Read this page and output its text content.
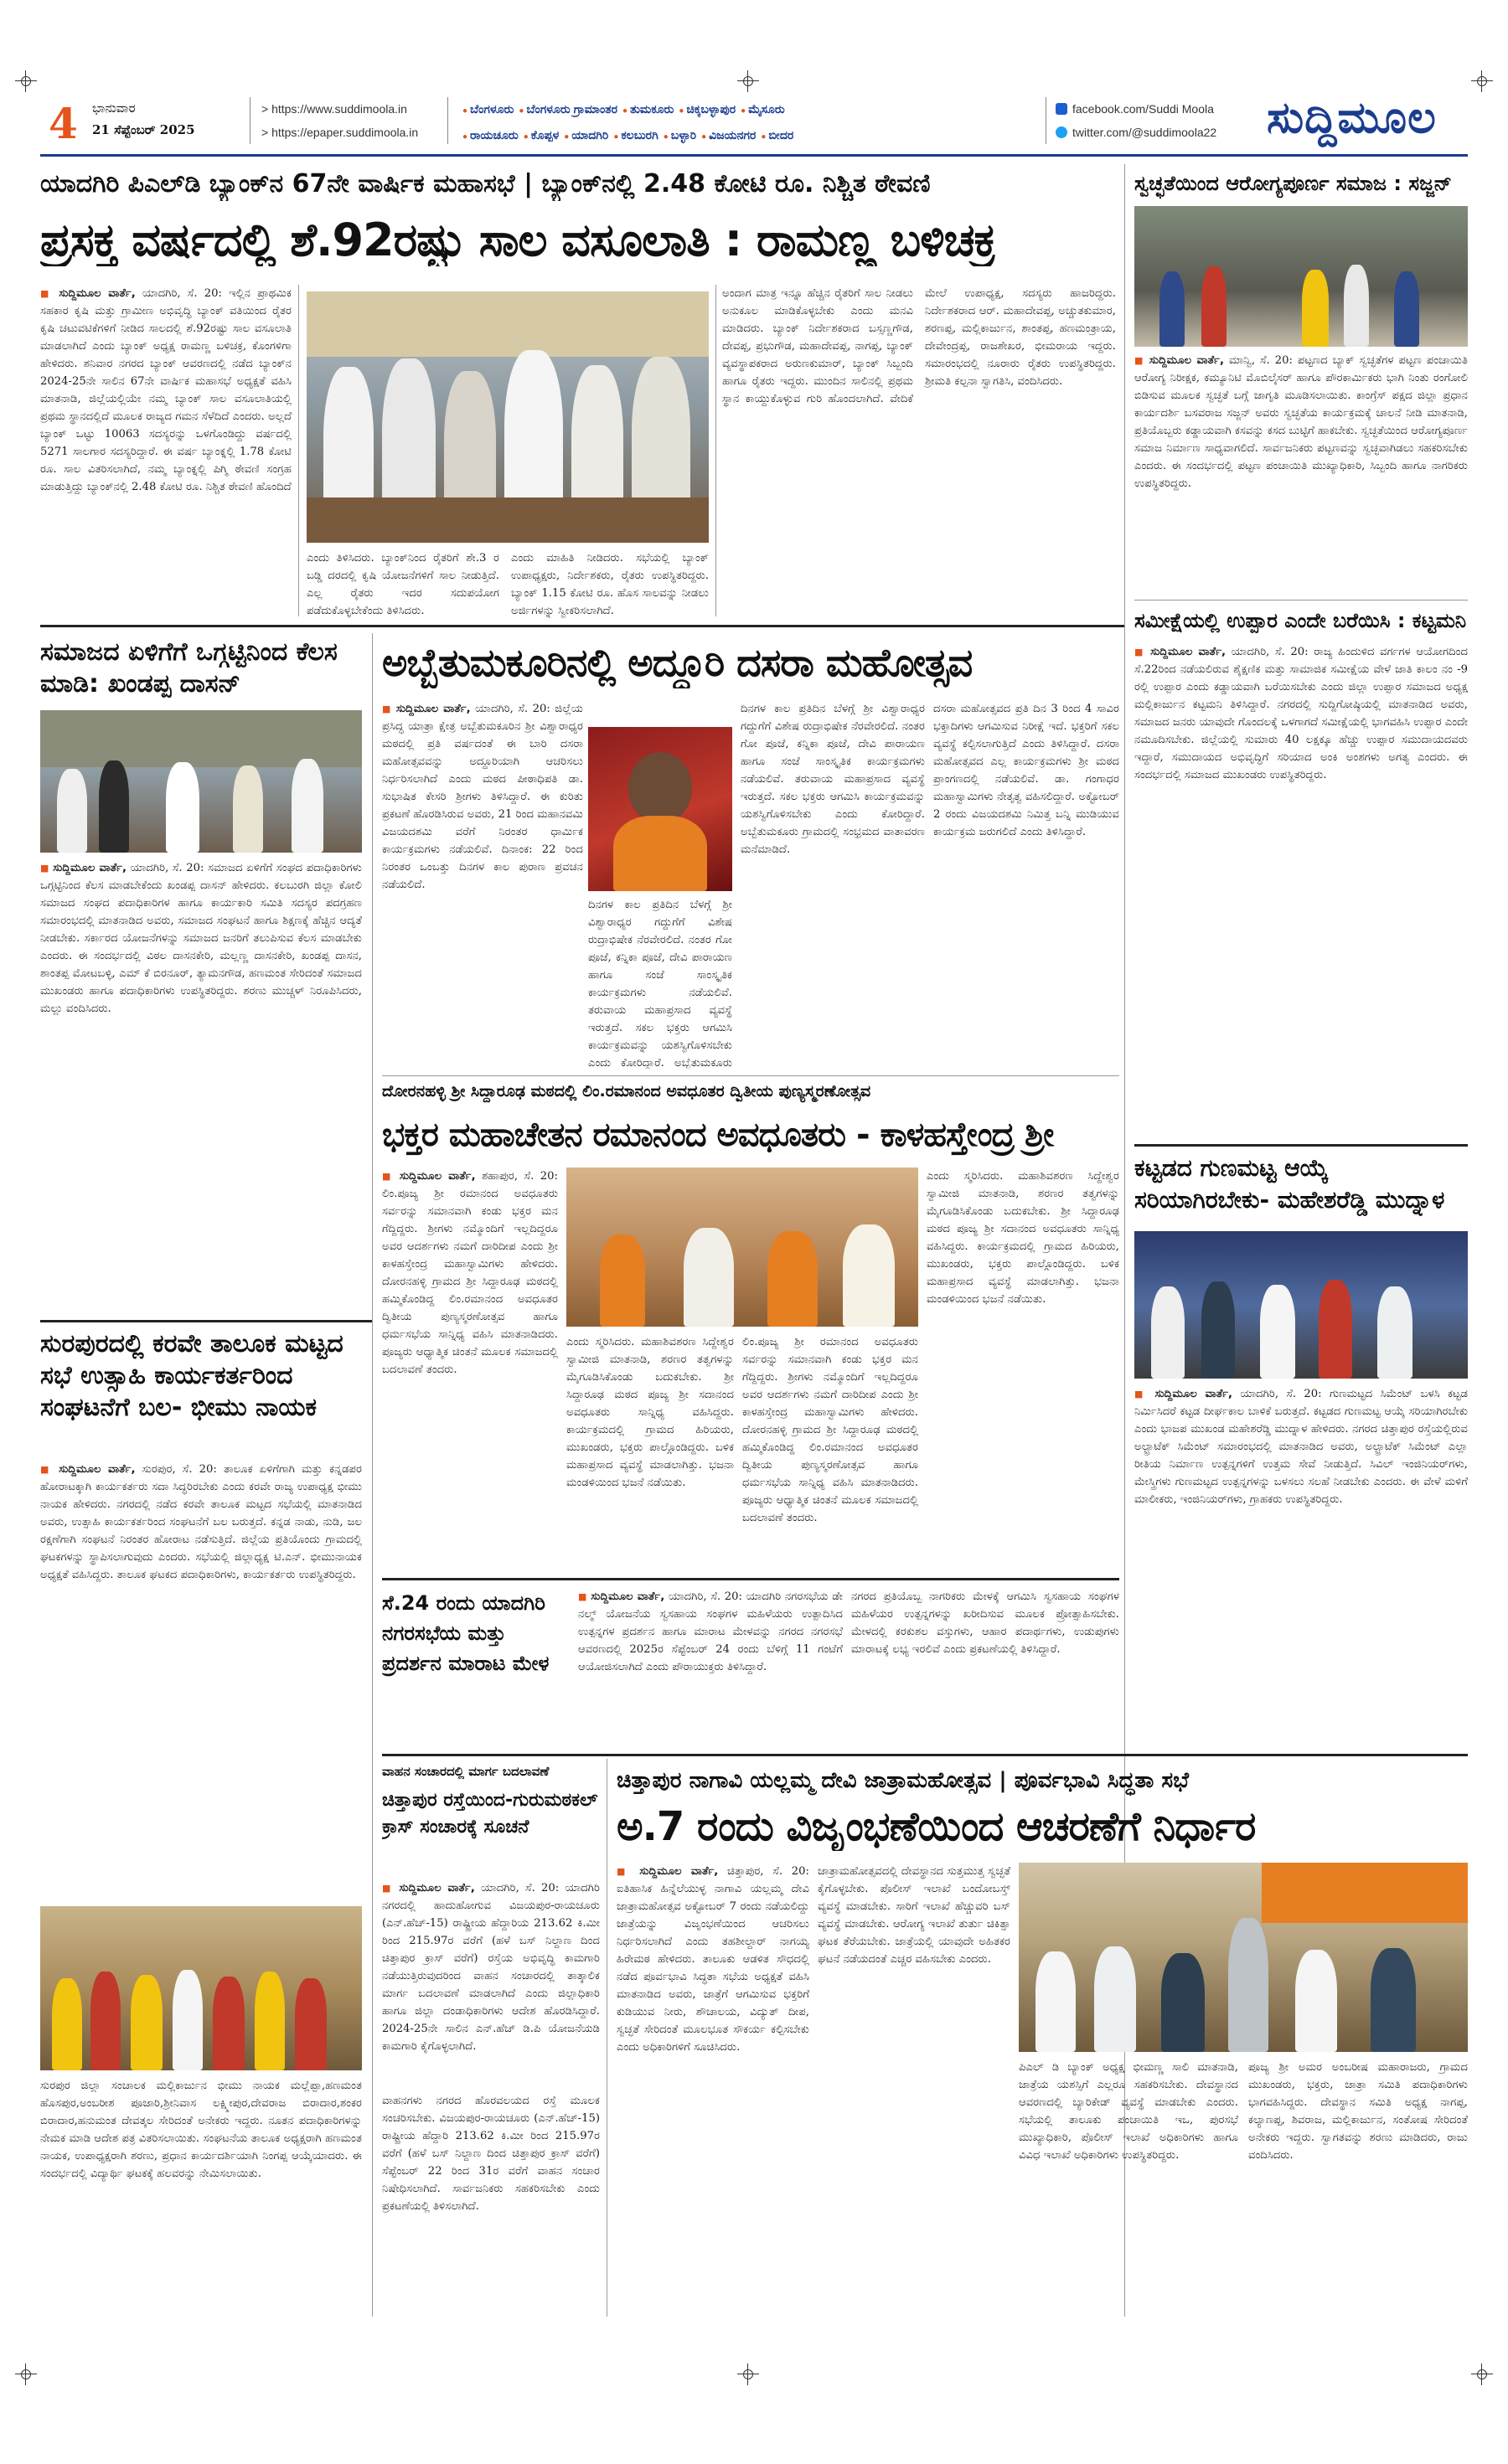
4 ಭಾನುವಾರ
21 ಸೆಪ್ಟೆಂಬರ್ 2025
> https://www.suddimoola.in
> https://epaper.suddimoola.in
● ಬೆಂಗಳೂರು ● ಬೆಂಗಳೂರು ಗ್ರಾಮಾಂತರ ● ತುಮಕೂರು ● ಚಿಕ್ಕಬಳ್ಳಾಪುರ ● ಮೈಸೂರು
● ರಾಯಚೂರು ● ಕೊಪ್ಪಳ ● ಯಾದಗಿರಿ ● ಕಲಬುರಗಿ ● ಬಳ್ಳಾರಿ ● ವಿಜಯನಗರ ● ಬೀದರ
facebook.com/Suddi Moola
twitter.com/@suddimoola22 ಸುದ್ದಿಮೂಲ
ಯಾದಗಿರಿ ಪಿಎಲ್‌ಡಿ ಬ್ಯಾಂಕ್‌ನ 67ನೇ ವಾರ್ಷಿಕ ಮಹಾಸಭೆ | ಬ್ಯಾಂಕ್‌ನಲ್ಲಿ 2.48 ಕೋಟಿ ರೂ. ನಿಶ್ಚಿತ ಠೇವಣಿ
ಪ್ರಸಕ್ತ ವರ್ಷದಲ್ಲಿ ಶೆ.92ರಷ್ಟು ಸಾಲ ವಸೂಲಾತಿ : ರಾಮಣ್ಣ ಬಳಿಚಕ್ರ
■ ಸುದ್ದಿಮೂಲ ವಾರ್ತೆ, ಯಾದಗಿರಿ, ಸೆ. 20: ಇಲ್ಲಿನ ಪ್ರಾಥಮಿಕ ಸಹಕಾರ ಕೃಷಿ ಮತ್ತು ಗ್ರಾಮೀಣ ಅಭಿವೃದ್ಧಿ ಬ್ಯಾಂಕ್ ವತಿಯಿಂದ ರೈತರ ಕೃಷಿ ಚಟುವಟಿಕೆಗಳಿಗೆ ನೀಡಿದ ಸಾಲದಲ್ಲಿ ಶೆ.92ರಷ್ಟು ಸಾಲ ವಸೂಲಾತಿ ಮಾಡಲಾಗಿದೆ ಎಂದು ಬ್ಯಾಂಕ್ ಅಧ್ಯಕ್ಷ ರಾಮಣ್ಣ ಬಳಿಚಕ್ರ, ಕೊಂಗಳಿಗಾ ಹೇಳಿದರು. ಶನಿವಾರ ನಗರದ ಬ್ಯಾಂಕ್ ಆವರಣದಲ್ಲಿ ನಡೆದ ಬ್ಯಾಂಕ್‌ನ 2024-25ನೇ ಸಾಲಿನ 67ನೇ ವಾರ್ಷಿಕ ಮಹಾಸಭೆ ಅಧ್ಯಕ್ಷತೆ ವಹಿಸಿ ಮಾತನಾಡಿ, ಜಿಲ್ಲೆಯಲ್ಲಿಯೇ ನಮ್ಮ ಬ್ಯಾಂಕ್ ಸಾಲ ವಸೂಲಾತಿಯಲ್ಲಿ ಪ್ರಥಮ ಸ್ಥಾನದಲ್ಲಿದೆ ಮೂಲಕ ರಾಜ್ಯದ ಗಮನ ಸೆಳೆದಿದೆ ಎಂದರು. ಅಲ್ಲದೆ ಬ್ಯಾಂಕ್ ಒಟ್ಟು 10063 ಸದಸ್ಯರನ್ನು ಒಳಗೊಂಡಿದ್ದು ವರ್ಷದಲ್ಲಿ 5271 ಸಾಲಗಾರ ಸದಸ್ಯರಿದ್ದಾರೆ. ಈ ವರ್ಷ ಬ್ಯಾಂಕ್ನಲ್ಲಿ 1.78 ಕೋಟಿ ರೂ. ಸಾಲ ವಿತರಿಸಲಾಗಿದೆ, ನಮ್ಮ ಬ್ಯಾಂಕ್ನಲ್ಲಿ ಪಿಗ್ಮಿ ಠೇವಣಿ ಸಂಗ್ರಹ ಮಾಡುತ್ತಿದ್ದು ಬ್ಯಾಂಕ್‌ನಲ್ಲಿ 2.48 ಕೋಟಿ ರೂ. ನಿಶ್ಚಿತ ಠೇವಣಿ ಹೊಂದಿದೆ
ಎಂದು ತಿಳಿಸಿದರು. ಬ್ಯಾಂಕ್‌ನಿಂದ ರೈತರಿಗೆ ಶೇ.3 ರ ಬಡ್ಡಿ ದರದಲ್ಲಿ ಕೃಷಿ ಯೋಜನೆಗಳಿಗೆ ಸಾಲ ನೀಡುತ್ತಿದೆ. ಎಲ್ಲ ರೈತರು ಇದರ ಸದುಪಯೋಗ ಪಡೆದುಕೊಳ್ಳಬೇಕೆಂದು ತಿಳಿಸಿದರು.
ಎಂದು ಮಾಹಿತಿ ನೀಡಿದರು. ಸಭೆಯಲ್ಲಿ ಬ್ಯಾಂಕ್ ಉಪಾಧ್ಯಕ್ಷರು, ನಿರ್ದೇಶಕರು, ರೈತರು ಉಪಸ್ಥಿತರಿದ್ದರು. ಬ್ಯಾಂಕ್ 1.15 ಕೋಟಿ ರೂ. ಹೊಸ ಸಾಲವನ್ನು ನೀಡಲು ಅರ್ಜಿಗಳನ್ನು ಸ್ವೀಕರಿಸಲಾಗಿದೆ.
ಅಂದಾಗ ಮಾತ್ರ ಇನ್ನೂ ಹೆಚ್ಚಿನ ರೈತರಿಗೆ ಸಾಲ ನೀಡಲು ಅನುಕೂಲ ಮಾಡಿಕೊಳ್ಳಬೇಕು ಎಂದು ಮನವಿ ಮಾಡಿದರು. ಬ್ಯಾಂಕ್ ನಿರ್ದೇಶಕರಾದ ಬಸ್ಸಣ್ಣಗೌಡ, ದೇವಪ್ಪ, ಪ್ರಭುಗೌಡ, ಮಹಾದೇವಪ್ಪ, ನಾಗಪ್ಪ, ಬ್ಯಾಂಕ್ ವ್ಯವಸ್ಥಾಪಕರಾದ ಅರುಣಕುಮಾರ್, ಬ್ಯಾಂಕ್ ಸಿಬ್ಬಂದಿ ಹಾಗೂ ರೈತರು ಇದ್ದರು. ಮುಂದಿನ ಸಾಲಿನಲ್ಲಿ ಪ್ರಥಮ ಸ್ಥಾನ ಕಾಯ್ದುಕೊಳ್ಳುವ ಗುರಿ ಹೊಂದಲಾಗಿದೆ. ವೇದಿಕೆ ಮೇಲೆ ಉಪಾಧ್ಯಕ್ಷ, ಸದಸ್ಯರು ಹಾಜರಿದ್ದರು. ನಿರ್ದೇಶಕರಾದ ಆರ್. ಮಹಾದೇವಪ್ಪ, ಅಚ್ಚುತಕುಮಾರ, ಶರಣಪ್ಪ, ಮಲ್ಲಿಕಾರ್ಜುನ, ಶಾಂತಪ್ಪ, ಹಣಮಂತ್ರಾಯ, ದೇವೇಂದ್ರಪ್ಪ, ರಾಜಶೇಖರ, ಭೀಮರಾಯ ಇದ್ದರು. ಸಮಾರಂಭದಲ್ಲಿ ನೂರಾರು ರೈತರು ಉಪಸ್ಥಿತರಿದ್ದರು. ಶ್ರೀಮತಿ ಕಲ್ಪನಾ ಸ್ವಾಗತಿಸಿ, ವಂದಿಸಿದರು.
ಸ್ವಚ್ಛತೆಯಿಂದ ಆರೋಗ್ಯಪೂರ್ಣ ಸಮಾಜ : ಸಜ್ಜನ್
■ ಸುದ್ದಿಮೂಲ ವಾರ್ತೆ, ಮಾನ್ವಿ, ಸೆ. 20: ಪಟ್ಟಣದ ಬ್ಯಾಕ್ ಸ್ವಚ್ಛತೆಗಳ ಪಟ್ಟಣ ಪಂಚಾಯಿತಿ ಆರೋಗ್ಯ ನಿರೀಕ್ಷಕ, ಕಮ್ಯೂನಿಟಿ ಮೊಬಿಲೈಸರ್ ಹಾಗೂ ಪೌರಕಾರ್ಮಿಕರು ಭಾಗಿ ನಿಂತು ರಂಗೋಲಿ ಬಿಡಿಸುವ ಮೂಲಕ ಸ್ವಚ್ಛತೆ ಬಗ್ಗೆ ಜಾಗೃತಿ ಮೂಡಿಸಲಾಯಿತು. ಕಾಂಗ್ರೆಸ್ ಪಕ್ಷದ ಜಿಲ್ಲಾ ಪ್ರಧಾನ ಕಾರ್ಯದರ್ಶಿ ಬಸವರಾಜ ಸಜ್ಜನ್ ಅವರು ಸ್ವಚ್ಛತೆಯ ಕಾರ್ಯಕ್ರಮಕ್ಕೆ ಚಾಲನೆ ನೀಡಿ ಮಾತನಾಡಿ, ಪ್ರತಿಯೊಬ್ಬರು ಕಡ್ಡಾಯವಾಗಿ ಕಸವನ್ನು ಕಸದ ಬುಟ್ಟಿಗೆ ಹಾಕಬೇಕು. ಸ್ವಚ್ಛತೆಯಿಂದ ಆರೋಗ್ಯಪೂರ್ಣ ಸಮಾಜ ನಿರ್ಮಾಣ ಸಾಧ್ಯವಾಗಲಿದೆ. ಸಾರ್ವಜನಿಕರು ಪಟ್ಟಣವನ್ನು ಸ್ವಚ್ಛವಾಗಿಡಲು ಸಹಕರಿಸಬೇಕು ಎಂದರು. ಈ ಸಂದರ್ಭದಲ್ಲಿ ಪಟ್ಟಣ ಪಂಚಾಯಿತಿ ಮುಖ್ಯಾಧಿಕಾರಿ, ಸಿಬ್ಬಂದಿ ಹಾಗೂ ನಾಗರಿಕರು ಉಪಸ್ಥಿತರಿದ್ದರು.
ಸಮೀಕ್ಷೆಯಲ್ಲಿ ಉಪ್ಪಾರ ಎಂದೇ ಬರೆಯಿಸಿ : ಕಟ್ಟಮನಿ
■ ಸುದ್ದಿಮೂಲ ವಾರ್ತೆ, ಯಾದಗಿರಿ, ಸೆ. 20: ರಾಜ್ಯ ಹಿಂದುಳಿದ ವರ್ಗಗಳ ಆಯೋಗದಿಂದ ಸೆ.22ರಿಂದ ನಡೆಯಲಿರುವ ಶೈಕ್ಷಣಿಕ ಮತ್ತು ಸಾಮಾಜಿಕ ಸಮೀಕ್ಷೆಯ ವೇಳೆ ಜಾತಿ ಕಾಲಂ ನಂ -9 ರಲ್ಲಿ ಉಪ್ಪಾರ ಎಂದು ಕಡ್ಡಾಯವಾಗಿ ಬರೆಯಿಸಬೇಕು ಎಂದು ಜಿಲ್ಲಾ ಉಪ್ಪಾರ ಸಮಾಜದ ಅಧ್ಯಕ್ಷ ಮಲ್ಲಿಕಾರ್ಜುನ ಕಟ್ಟಮನಿ ತಿಳಿಸಿದ್ದಾರೆ. ನಗರದಲ್ಲಿ ಸುದ್ದಿಗೋಷ್ಠಿಯಲ್ಲಿ ಮಾತನಾಡಿದ ಅವರು, ಸಮಾಜದ ಜನರು ಯಾವುದೇ ಗೊಂದಲಕ್ಕೆ ಒಳಗಾಗದೆ ಸಮೀಕ್ಷೆಯಲ್ಲಿ ಭಾಗವಹಿಸಿ ಉಪ್ಪಾರ ಎಂದೇ ನಮೂದಿಸಬೇಕು. ಜಿಲ್ಲೆಯಲ್ಲಿ ಸುಮಾರು 40 ಲಕ್ಷಕ್ಕೂ ಹೆಚ್ಚು ಉಪ್ಪಾರ ಸಮುದಾಯದವರು ಇದ್ದಾರೆ, ಸಮುದಾಯದ ಅಭಿವೃದ್ಧಿಗೆ ಸರಿಯಾದ ಅಂಕಿ ಅಂಶಗಳು ಅಗತ್ಯ ಎಂದರು. ಈ ಸಂದರ್ಭದಲ್ಲಿ ಸಮಾಜದ ಮುಖಂಡರು ಉಪಸ್ಥಿತರಿದ್ದರು.
ಸಮಾಜದ ಏಳಿಗೆಗೆ ಒಗ್ಗಟ್ಟಿನಿಂದ ಕೆಲಸ ಮಾಡಿ: ಖಂಡಪ್ಪ ದಾಸನ್
■ ಸುದ್ದಿಮೂಲ ವಾರ್ತೆ, ಯಾದಗಿರಿ, ಸೆ. 20: ಸಮಾಜದ ಏಳಿಗೆಗೆ ಸಂಘದ ಪದಾಧಿಕಾರಿಗಳು ಒಗ್ಗಟ್ಟಿನಿಂದ ಕೆಲಸ ಮಾಡಬೇಕೆಂದು ಖಂಡಪ್ಪ ದಾಸನ್ ಹೇಳಿದರು. ಕಲಬುರಗಿ ಜಿಲ್ಲಾ ಕೋಲಿ ಸಮಾಜದ ಸಂಘದ ಪದಾಧಿಕಾರಿಗಳ ಹಾಗೂ ಕಾರ್ಯಕಾರಿ ಸಮಿತಿ ಸದಸ್ಯರ ಪದಗ್ರಹಣ ಸಮಾರಂಭದಲ್ಲಿ ಮಾತನಾಡಿದ ಅವರು, ಸಮಾಜದ ಸಂಘಟನೆ ಹಾಗೂ ಶಿಕ್ಷಣಕ್ಕೆ ಹೆಚ್ಚಿನ ಆದ್ಯತೆ ನೀಡಬೇಕು. ಸರ್ಕಾರದ ಯೋಜನೆಗಳನ್ನು ಸಮಾಜದ ಜನರಿಗೆ ತಲುಪಿಸುವ ಕೆಲಸ ಮಾಡಬೇಕು ಎಂದರು. ಈ ಸಂದರ್ಭದಲ್ಲಿ ವಿಠಲ ದಾಸನಕೇರಿ, ಮಲ್ಲಣ್ಣ ದಾಸನಕೇರಿ, ಖಂಡಪ್ಪ ದಾಸನ, ಶಾಂತಪ್ಪ ಮೋಟಬಳ್ಳಿ, ಎಮ್ ಕೆ ಬಿರನೂರ್, ತ್ಯಾಮನಗೌಡ, ಹಣಮಂತ ಸೇರಿದಂತೆ ಸಮಾಜದ ಮುಖಂಡರು ಹಾಗೂ ಪದಾಧಿಕಾರಿಗಳು ಉಪಸ್ಥಿತರಿದ್ದರು. ಶರಣು ಮುಚ್ಚಳ್ ನಿರೂಪಿಸಿದರು, ಮಲ್ಲು ವಂದಿಸಿದರು.
ಅಬ್ಬೆತುಮಕೂರಿನಲ್ಲಿ ಅದ್ದೂರಿ ದಸರಾ ಮಹೋತ್ಸವ
■ ಸುದ್ದಿಮೂಲ ವಾರ್ತೆ, ಯಾದಗಿರಿ, ಸೆ. 20: ಜಿಲ್ಲೆಯ ಪ್ರಸಿದ್ಧ ಯಾತ್ರಾ ಕ್ಷೇತ್ರ ಅಬ್ಬೆತುಮಕೂರಿನ ಶ್ರೀ ವಿಶ್ವಾರಾಧ್ಯರ ಮಠದಲ್ಲಿ ಪ್ರತಿ ವರ್ಷದಂತೆ ಈ ಬಾರಿ ದಸರಾ ಮಹೋತ್ಸವವನ್ನು ಅದ್ದೂರಿಯಾಗಿ ಆಚರಿಸಲು ನಿರ್ಧರಿಸಲಾಗಿದೆ ಎಂದು ಮಠದ ಪೀಠಾಧಿಪತಿ ಡಾ. ಸುಭಾಷಿತ ಕೇಸರಿ ಶ್ರೀಗಳು ತಿಳಿಸಿದ್ದಾರೆ. ಈ ಕುರಿತು ಪ್ರಕಟಣೆ ಹೊರಡಿಸಿರುವ ಅವರು, 21 ರಿಂದ ಮಹಾನವಮಿ ವಿಜಯದಶಮಿ ವರೆಗೆ ನಿರಂತರ ಧಾರ್ಮಿಕ ಕಾರ್ಯಕ್ರಮಗಳು ನಡೆಯಲಿವೆ. ದಿನಾಂಕ: 22 ರಿಂದ ನಿರಂತರ ಒಂಬತ್ತು ದಿನಗಳ ಕಾಲ ಪುರಾಣ ಪ್ರವಚನ ನಡೆಯಲಿದೆ.
ದಿನಗಳ ಕಾಲ ಪ್ರತಿದಿನ ಬೆಳಗ್ಗೆ ಶ್ರೀ ವಿಶ್ವಾರಾಧ್ಯರ ಗದ್ದುಗೆಗೆ ವಿಶೇಷ ರುದ್ರಾಭಿಷೇಕ ನೆರವೇರಲಿದೆ. ನಂತರ ಗೋ ಪೂಜೆ, ಕನ್ನಿಕಾ ಪೂಜೆ, ದೇವಿ ಪಾರಾಯಣ ಹಾಗೂ ಸಂಜೆ ಸಾಂಸ್ಕೃತಿಕ ಕಾರ್ಯಕ್ರಮಗಳು ನಡೆಯಲಿವೆ. ತರುವಾಯ ಮಹಾಪ್ರಸಾದ ವ್ಯವಸ್ಥೆ ಇರುತ್ತದೆ. ಸಕಲ ಭಕ್ತರು ಆಗಮಿಸಿ ಕಾರ್ಯಕ್ರಮವನ್ನು ಯಶಸ್ವಿಗೊಳಿಸಬೇಕು ಎಂದು ಕೋರಿದ್ದಾರೆ. ಅಬ್ಬೆತುಮಕೂರು
ದಿನಗಳ ಕಾಲ ಪ್ರತಿದಿನ ಬೆಳಗ್ಗೆ ಶ್ರೀ ವಿಶ್ವಾರಾಧ್ಯರ ಗದ್ದುಗೆಗೆ ವಿಶೇಷ ರುದ್ರಾಭಿಷೇಕ ನೆರವೇರಲಿದೆ. ನಂತರ ಗೋ ಪೂಜೆ, ಕನ್ನಿಕಾ ಪೂಜೆ, ದೇವಿ ಪಾರಾಯಣ ಹಾಗೂ ಸಂಜೆ ಸಾಂಸ್ಕೃತಿಕ ಕಾರ್ಯಕ್ರಮಗಳು ನಡೆಯಲಿವೆ. ತರುವಾಯ ಮಹಾಪ್ರಸಾದ ವ್ಯವಸ್ಥೆ ಇರುತ್ತದೆ. ಸಕಲ ಭಕ್ತರು ಆಗಮಿಸಿ ಕಾರ್ಯಕ್ರಮವನ್ನು ಯಶಸ್ವಿಗೊಳಿಸಬೇಕು ಎಂದು ಕೋರಿದ್ದಾರೆ. ಅಬ್ಬೆತುಮಕೂರು ಗ್ರಾಮದಲ್ಲಿ ಸಂಭ್ರಮದ ವಾತಾವರಣ ಮನೆಮಾಡಿದೆ.
ದಸರಾ ಮಹೋತ್ಸವದ ಪ್ರತಿ ದಿನ 3 ರಿಂದ 4 ಸಾವಿರ ಭಕ್ತಾದಿಗಳು ಆಗಮಿಸುವ ನಿರೀಕ್ಷೆ ಇದೆ. ಭಕ್ತರಿಗೆ ಸಕಲ ವ್ಯವಸ್ಥೆ ಕಲ್ಪಿಸಲಾಗುತ್ತಿದೆ ಎಂದು ತಿಳಿಸಿದ್ದಾರೆ. ದಸರಾ ಮಹೋತ್ಸವದ ಎಲ್ಲ ಕಾರ್ಯಕ್ರಮಗಳು ಶ್ರೀ ಮಠದ ಪ್ರಾಂಗಣದಲ್ಲಿ ನಡೆಯಲಿವೆ. ಡಾ. ಗಂಗಾಧರ ಮಹಾಸ್ವಾಮಿಗಳು ನೇತೃತ್ವ ವಹಿಸಲಿದ್ದಾರೆ. ಅಕ್ಟೋಬರ್ 2 ರಂದು ವಿಜಯದಶಮಿ ನಿಮಿತ್ತ ಬನ್ನಿ ಮುಡಿಯುವ ಕಾರ್ಯಕ್ರಮ ಜರುಗಲಿದೆ ಎಂದು ತಿಳಿಸಿದ್ದಾರೆ.
ದೋರನಹಳ್ಳಿ ಶ್ರೀ ಸಿದ್ದಾರೂಢ ಮಠದಲ್ಲಿ ಲಿಂ.ರಮಾನಂದ ಅವಧೂತರ ದ್ವಿತೀಯ ಪುಣ್ಯಸ್ಮರಣೋತ್ಸವ
ಭಕ್ತರ ಮಹಾಚೇತನ ರಮಾನಂದ ಅವಧೂತರು - ಕಾಳಹಸ್ತೇಂದ್ರ ಶ್ರೀ
■ ಸುದ್ದಿಮೂಲ ವಾರ್ತೆ, ಶಹಾಪುರ, ಸೆ. 20: ಲಿಂ.ಪೂಜ್ಯ ಶ್ರೀ ರಮಾನಂದ ಅವಧೂತರು ಸರ್ವರನ್ನು ಸಮಾನವಾಗಿ ಕಂಡು ಭಕ್ತರ ಮನ ಗೆದ್ದಿದ್ದರು. ಶ್ರೀಗಳು ನಮ್ಮೊಂದಿಗೆ ಇಲ್ಲದಿದ್ದರೂ ಅವರ ಆದರ್ಶಗಳು ನಮಗೆ ದಾರಿದೀಪ ಎಂದು ಶ್ರೀ ಕಾಳಹಸ್ತೇಂದ್ರ ಮಹಾಸ್ವಾಮಿಗಳು ಹೇಳಿದರು. ದೋರನಹಳ್ಳಿ ಗ್ರಾಮದ ಶ್ರೀ ಸಿದ್ದಾರೂಢ ಮಠದಲ್ಲಿ ಹಮ್ಮಿಕೊಂಡಿದ್ದ ಲಿಂ.ರಮಾನಂದ ಅವಧೂತರ ದ್ವಿತೀಯ ಪುಣ್ಯಸ್ಮರಣೋತ್ಸವ ಹಾಗೂ ಧರ್ಮಸಭೆಯ ಸಾನ್ನಿಧ್ಯ ವಹಿಸಿ ಮಾತನಾಡಿದರು. ಪೂಜ್ಯರು ಆಧ್ಯಾತ್ಮಿಕ ಚಿಂತನೆ ಮೂಲಕ ಸಮಾಜದಲ್ಲಿ ಬದಲಾವಣೆ ತಂದರು.
ಎಂದು ಸ್ಮರಿಸಿದರು. ಮಹಾಶಿವಶರಣ ಸಿದ್ದೇಶ್ವರ ಸ್ವಾಮೀಜಿ ಮಾತನಾಡಿ, ಶರಣರ ತತ್ವಗಳನ್ನು ಮೈಗೂಡಿಸಿಕೊಂಡು ಬದುಕಬೇಕು. ಶ್ರೀ ಸಿದ್ದಾರೂಢ ಮಠದ ಪೂಜ್ಯ ಶ್ರೀ ಸದಾನಂದ ಅವಧೂತರು ಸಾನ್ನಿಧ್ಯ ವಹಿಸಿದ್ದರು. ಕಾರ್ಯಕ್ರಮದಲ್ಲಿ ಗ್ರಾಮದ ಹಿರಿಯರು, ಮುಖಂಡರು, ಭಕ್ತರು ಪಾಲ್ಗೊಂಡಿದ್ದರು. ಬಳಿಕ ಮಹಾಪ್ರಸಾದ ವ್ಯವಸ್ಥೆ ಮಾಡಲಾಗಿತ್ತು. ಭಜನಾ ಮಂಡಳಿಯಿಂದ ಭಜನೆ ನಡೆಯಿತು.
ಲಿಂ.ಪೂಜ್ಯ ಶ್ರೀ ರಮಾನಂದ ಅವಧೂತರು ಸರ್ವರನ್ನು ಸಮಾನವಾಗಿ ಕಂಡು ಭಕ್ತರ ಮನ ಗೆದ್ದಿದ್ದರು. ಶ್ರೀಗಳು ನಮ್ಮೊಂದಿಗೆ ಇಲ್ಲದಿದ್ದರೂ ಅವರ ಆದರ್ಶಗಳು ನಮಗೆ ದಾರಿದೀಪ ಎಂದು ಶ್ರೀ ಕಾಳಹಸ್ತೇಂದ್ರ ಮಹಾಸ್ವಾಮಿಗಳು ಹೇಳಿದರು. ದೋರನಹಳ್ಳಿ ಗ್ರಾಮದ ಶ್ರೀ ಸಿದ್ದಾರೂಢ ಮಠದಲ್ಲಿ ಹಮ್ಮಿಕೊಂಡಿದ್ದ ಲಿಂ.ರಮಾನಂದ ಅವಧೂತರ ದ್ವಿತೀಯ ಪುಣ್ಯಸ್ಮರಣೋತ್ಸವ ಹಾಗೂ ಧರ್ಮಸಭೆಯ ಸಾನ್ನಿಧ್ಯ ವಹಿಸಿ ಮಾತನಾಡಿದರು. ಪೂಜ್ಯರು ಆಧ್ಯಾತ್ಮಿಕ ಚಿಂತನೆ ಮೂಲಕ ಸಮಾಜದಲ್ಲಿ ಬದಲಾವಣೆ ತಂದರು.
ಎಂದು ಸ್ಮರಿಸಿದರು. ಮಹಾಶಿವಶರಣ ಸಿದ್ದೇಶ್ವರ ಸ್ವಾಮೀಜಿ ಮಾತನಾಡಿ, ಶರಣರ ತತ್ವಗಳನ್ನು ಮೈಗೂಡಿಸಿಕೊಂಡು ಬದುಕಬೇಕು. ಶ್ರೀ ಸಿದ್ದಾರೂಢ ಮಠದ ಪೂಜ್ಯ ಶ್ರೀ ಸದಾನಂದ ಅವಧೂತರು ಸಾನ್ನಿಧ್ಯ ವಹಿಸಿದ್ದರು. ಕಾರ್ಯಕ್ರಮದಲ್ಲಿ ಗ್ರಾಮದ ಹಿರಿಯರು, ಮುಖಂಡರು, ಭಕ್ತರು ಪಾಲ್ಗೊಂಡಿದ್ದರು. ಬಳಿಕ ಮಹಾಪ್ರಸಾದ ವ್ಯವಸ್ಥೆ ಮಾಡಲಾಗಿತ್ತು. ಭಜನಾ ಮಂಡಳಿಯಿಂದ ಭಜನೆ ನಡೆಯಿತು.
ಕಟ್ಟಡದ ಗುಣಮಟ್ಟ ಆಯ್ಕೆ ಸರಿಯಾಗಿರಬೇಕು- ಮಹೇಶರೆಡ್ಡಿ ಮುದ್ನಾಳ
■ ಸುದ್ದಿಮೂಲ ವಾರ್ತೆ, ಯಾದಗಿರಿ, ಸೆ. 20: ಗುಣಮಟ್ಟದ ಸಿಮೆಂಟ್ ಬಳಸಿ ಕಟ್ಟಡ ನಿರ್ಮಿಸಿದರೆ ಕಟ್ಟಡ ದೀರ್ಘಕಾಲ ಬಾಳಿಕೆ ಬರುತ್ತದೆ. ಕಟ್ಟಡದ ಗುಣಮಟ್ಟ ಆಯ್ಕೆ ಸರಿಯಾಗಿರಬೇಕು ಎಂದು ಭಾಜಪ ಮುಖಂಡ ಮಹೇಶರೆಡ್ಡಿ ಮುದ್ನಾಳ ಹೇಳಿದರು. ನಗರದ ಚಿತ್ತಾಪುರ ರಸ್ತೆಯಲ್ಲಿರುವ ಅಲ್ಟ್ರಾಟೆಕ್ ಸಿಮೆಂಟ್ ಸಮಾರಂಭದಲ್ಲಿ ಮಾತನಾಡಿದ ಅವರು, ಅಲ್ಟ್ರಾಟೆಕ್ ಸಿಮೆಂಟ್ ಎಲ್ಲಾ ರೀತಿಯ ನಿರ್ಮಾಣ ಉತ್ಪನ್ನಗಳಿಗೆ ಉತ್ತಮ ಸೇವೆ ನೀಡುತ್ತಿದೆ. ಸಿವಿಲ್ ಇಂಜಿನಿಯರ್‌ಗಳು, ಮೇಸ್ತ್ರಿಗಳು ಗುಣಮಟ್ಟದ ಉತ್ಪನ್ನಗಳನ್ನು ಬಳಸಲು ಸಲಹೆ ನೀಡಬೇಕು ಎಂದರು. ಈ ವೇಳೆ ಮಳಿಗೆ ಮಾಲೀಕರು, ಇಂಜಿನಿಯರ್‌ಗಳು, ಗ್ರಾಹಕರು ಉಪಸ್ಥಿತರಿದ್ದರು.
ಸುರಪುರದಲ್ಲಿ ಕರವೇ ತಾಲೂಕ ಮಟ್ಟದ ಸಭೆ ಉತ್ಸಾಹಿ ಕಾರ್ಯಕರ್ತರಿಂದ ಸಂಘಟನೆಗೆ ಬಲ- ಭೀಮು ನಾಯಕ
■ ಸುದ್ದಿಮೂಲ ವಾರ್ತೆ, ಸುರಪುರ, ಸೆ. 20: ತಾಲೂಕ ಏಳಿಗೆಗಾಗಿ ಮತ್ತು ಕನ್ನಡಪರ ಹೋರಾಟಕ್ಕಾಗಿ ಕಾರ್ಯಕರ್ತರು ಸದಾ ಸಿದ್ಧರಿರಬೇಕು ಎಂದು ಕರವೇ ರಾಜ್ಯ ಉಪಾಧ್ಯಕ್ಷ ಭೀಮು ನಾಯಕ ಹೇಳಿದರು. ನಗರದಲ್ಲಿ ನಡೆದ ಕರವೇ ತಾಲೂಕ ಮಟ್ಟದ ಸಭೆಯಲ್ಲಿ ಮಾತನಾಡಿದ ಅವರು, ಉತ್ಸಾಹಿ ಕಾರ್ಯಕರ್ತರಿಂದ ಸಂಘಟನೆಗೆ ಬಲ ಬರುತ್ತದೆ. ಕನ್ನಡ ನಾಡು, ನುಡಿ, ಜಲ ರಕ್ಷಣೆಗಾಗಿ ಸಂಘಟನೆ ನಿರಂತರ ಹೋರಾಟ ನಡೆಸುತ್ತಿದೆ. ಜಿಲ್ಲೆಯ ಪ್ರತಿಯೊಂದು ಗ್ರಾಮದಲ್ಲಿ ಘಟಕಗಳನ್ನು ಸ್ಥಾಪಿಸಲಾಗುವುದು ಎಂದರು. ಸಭೆಯಲ್ಲಿ ಜಿಲ್ಲಾಧ್ಯಕ್ಷ ಟಿ.ಎನ್. ಭೀಮುನಾಯಕ ಅಧ್ಯಕ್ಷತೆ ವಹಿಸಿದ್ದರು. ತಾಲೂಕ ಘಟಕದ ಪದಾಧಿಕಾರಿಗಳು, ಕಾರ್ಯಕರ್ತರು ಉಪಸ್ಥಿತರಿದ್ದರು.
ಸುರಪುರ ಜಿಲ್ಲಾ ಸಂಚಾಲಕ ಮಲ್ಲಿಕಾರ್ಜುನ ಭೀಮು ನಾಯಕ ಮಲ್ಲೆಪ್ಪಾ,ಹಣಮಂತ ಹೊಸಪುರ,ಅಂಬರೀಶ ಪೂಜಾರಿ,ಶ್ರೀನಿವಾಸ ಲಕ್ಷ್ಮೀಪುರ,ದೇವರಾಜ ಬಿರಾದಾರ,ಶಂಕರ ಬಿರಾದಾರ,ಹನುಮಂತ ದೇವತ್ಕಲ ಸೇರಿದಂತೆ ಅನೇಕರು ಇದ್ದರು. ನೂತನ ಪದಾಧಿಕಾರಿಗಳನ್ನು ನೇಮಕ ಮಾಡಿ ಆದೇಶ ಪತ್ರ ವಿತರಿಸಲಾಯಿತು. ಸಂಘಟನೆಯ ತಾಲೂಕ ಅಧ್ಯಕ್ಷರಾಗಿ ಹಣಮಂತ ನಾಯಕ, ಉಪಾಧ್ಯಕ್ಷರಾಗಿ ಶರಣು, ಪ್ರಧಾನ ಕಾರ್ಯದರ್ಶಿಯಾಗಿ ನಿಂಗಪ್ಪ ಆಯ್ಕೆಯಾದರು. ಈ ಸಂದರ್ಭದಲ್ಲಿ ವಿದ್ಯಾರ್ಥಿ ಘಟಕಕ್ಕೆ ಹಲವರನ್ನು ನೇಮಿಸಲಾಯಿತು.
ಸೆ.24 ರಂದು ಯಾದಗಿರಿ ನಗರಸಭೆಯ ಮತ್ತು ಪ್ರದರ್ಶನ ಮಾರಾಟ ಮೇಳ
■ ಸುದ್ದಿಮೂಲ ವಾರ್ತೆ, ಯಾದಗಿರಿ, ಸೆ. 20: ಯಾದಗಿರಿ ನಗರಸಭೆಯ ಡೇ ನಲ್ಮ್ ಯೋಜನೆಯ ಸ್ವಸಹಾಯ ಸಂಘಗಳ ಮಹಿಳೆಯರು ಉತ್ಪಾದಿಸಿದ ಉತ್ಪನ್ನಗಳ ಪ್ರದರ್ಶನ ಹಾಗೂ ಮಾರಾಟ ಮೇಳವನ್ನು ನಗರದ ನಗರಸಭೆ ಆವರಣದಲ್ಲಿ 2025ರ ಸೆಪ್ಟೆಂಬರ್ 24 ರಂದು ಬೆಳಿಗ್ಗೆ 11 ಗಂಟೆಗೆ ಆಯೋಜಿಸಲಾಗಿದೆ ಎಂದು ಪೌರಾಯುಕ್ತರು ತಿಳಿಸಿದ್ದಾರೆ.
ನಗರದ ಪ್ರತಿಯೊಬ್ಬ ನಾಗರಿಕರು ಮೇಳಕ್ಕೆ ಆಗಮಿಸಿ ಸ್ವಸಹಾಯ ಸಂಘಗಳ ಮಹಿಳೆಯರ ಉತ್ಪನ್ನಗಳನ್ನು ಖರೀದಿಸುವ ಮೂಲಕ ಪ್ರೋತ್ಸಾಹಿಸಬೇಕು. ಮೇಳದಲ್ಲಿ ಕರಕುಶಲ ವಸ್ತುಗಳು, ಆಹಾರ ಪದಾರ್ಥಗಳು, ಉಡುಪುಗಳು ಮಾರಾಟಕ್ಕೆ ಲಭ್ಯ ಇರಲಿವೆ ಎಂದು ಪ್ರಕಟಣೆಯಲ್ಲಿ ತಿಳಿಸಿದ್ದಾರೆ.
ವಾಹನ ಸಂಚಾರದಲ್ಲಿ ಮಾರ್ಗ ಬದಲಾವಣೆ
ಚಿತ್ತಾಪುರ ರಸ್ತೆಯಿಂದ-ಗುರುಮಠಕಲ್ ಕ್ರಾಸ್ ಸಂಚಾರಕ್ಕೆ ಸೂಚನೆ
■ ಸುದ್ದಿಮೂಲ ವಾರ್ತೆ, ಯಾದಗಿರಿ, ಸೆ. 20: ಯಾದಗಿರಿ ನಗರದಲ್ಲಿ ಹಾದುಹೋಗುವ ವಿಜಯಪುರ-ರಾಯಚೂರು (ಎನ್.ಹೆಚ್-15) ರಾಷ್ಟ್ರೀಯ ಹೆದ್ದಾರಿಯ 213.62 ಕಿ.ಮೀ ರಿಂದ 215.97ರ ವರೆಗೆ (ಹಳೆ ಬಸ್ ನಿಲ್ದಾಣ ದಿಂದ ಚಿತ್ತಾಪುರ ಕ್ರಾಸ್ ವರೆಗೆ) ರಸ್ತೆಯ ಅಭಿವೃದ್ಧಿ ಕಾಮಗಾರಿ ನಡೆಯುತ್ತಿರುವುದರಿಂದ ವಾಹನ ಸಂಚಾರದಲ್ಲಿ ತಾತ್ಕಾಲಿಕ ಮಾರ್ಗ ಬದಲಾವಣೆ ಮಾಡಲಾಗಿದೆ ಎಂದು ಜಿಲ್ಲಾಧಿಕಾರಿ ಹಾಗೂ ಜಿಲ್ಲಾ ದಂಡಾಧಿಕಾರಿಗಳು ಆದೇಶ ಹೊರಡಿಸಿದ್ದಾರೆ. 2024-25ನೇ ಸಾಲಿನ ಎನ್.ಹೆಚ್ ಡಿ.ಪಿ ಯೋಜನೆಯಡಿ ಕಾಮಗಾರಿ ಕೈಗೊಳ್ಳಲಾಗಿದೆ.
ವಾಹನಗಳು ನಗರದ ಹೊರವಲಯದ ರಸ್ತೆ ಮೂಲಕ ಸಂಚರಿಸಬೇಕು. ವಿಜಯಪುರ-ರಾಯಚೂರು (ಎನ್.ಹೆಚ್-15) ರಾಷ್ಟ್ರೀಯ ಹೆದ್ದಾರಿ 213.62 ಕಿ.ಮೀ ರಿಂದ 215.97ರ ವರೆಗೆ (ಹಳೆ ಬಸ್ ನಿಲ್ದಾಣ ದಿಂದ ಚಿತ್ತಾಪುರ ಕ್ರಾಸ್ ವರೆಗೆ) ಸೆಪ್ಟೆಂಬರ್ 22 ರಿಂದ 31ರ ವರೆಗೆ ವಾಹನ ಸಂಚಾರ ನಿಷೇಧಿಸಲಾಗಿದೆ. ಸಾರ್ವಜನಿಕರು ಸಹಕರಿಸಬೇಕು ಎಂದು ಪ್ರಕಟಣೆಯಲ್ಲಿ ತಿಳಿಸಲಾಗಿದೆ.
ಚಿತ್ತಾಪುರ ನಾಗಾವಿ ಯಲ್ಲಮ್ಮ ದೇವಿ ಜಾತ್ರಾಮಹೋತ್ಸವ | ಪೂರ್ವಭಾವಿ ಸಿದ್ಧತಾ ಸಭೆ
ಅ.7 ರಂದು ವಿಜೃಂಭಣೆಯಿಂದ ಆಚರಣೆಗೆ ನಿರ್ಧಾರ
■ ಸುದ್ದಿಮೂಲ ವಾರ್ತೆ, ಚಿತ್ತಾಪುರ, ಸೆ. 20: ಐತಿಹಾಸಿಕ ಹಿನ್ನೆಲೆಯುಳ್ಳ ನಾಗಾವಿ ಯಲ್ಲಮ್ಮ ದೇವಿ ಜಾತ್ರಾಮಹೋತ್ಸವ ಅಕ್ಟೋಬರ್ 7 ರಂದು ನಡೆಯಲಿದ್ದು ಜಾತ್ರೆಯನ್ನು ವಿಜೃಂಭಣೆಯಿಂದ ಆಚರಿಸಲು ನಿರ್ಧರಿಸಲಾಗಿದೆ ಎಂದು ತಹಶೀಲ್ದಾರ್ ನಾಗಯ್ಯ ಹಿರೇಮಠ ಹೇಳಿದರು. ತಾಲೂಕು ಆಡಳಿತ ಸೌಧದಲ್ಲಿ ನಡೆದ ಪೂರ್ವಭಾವಿ ಸಿದ್ಧತಾ ಸಭೆಯ ಅಧ್ಯಕ್ಷತೆ ವಹಿಸಿ ಮಾತನಾಡಿದ ಅವರು, ಜಾತ್ರೆಗೆ ಆಗಮಿಸುವ ಭಕ್ತರಿಗೆ ಕುಡಿಯುವ ನೀರು, ಶೌಚಾಲಯ, ವಿದ್ಯುತ್ ದೀಪ, ಸ್ವಚ್ಛತೆ ಸೇರಿದಂತೆ ಮೂಲಭೂತ ಸೌಕರ್ಯ ಕಲ್ಪಿಸಬೇಕು ಎಂದು ಅಧಿಕಾರಿಗಳಿಗೆ ಸೂಚಿಸಿದರು.
ಜಾತ್ರಾಮಹೋತ್ಸವದಲ್ಲಿ ದೇವಸ್ಥಾನದ ಸುತ್ತಮುತ್ತ ಸ್ವಚ್ಛತೆ ಕೈಗೊಳ್ಳಬೇಕು. ಪೊಲೀಸ್ ಇಲಾಖೆ ಬಂದೋಬಸ್ತ್ ವ್ಯವಸ್ಥೆ ಮಾಡಬೇಕು. ಸಾರಿಗೆ ಇಲಾಖೆ ಹೆಚ್ಚುವರಿ ಬಸ್ ವ್ಯವಸ್ಥೆ ಮಾಡಬೇಕು. ಆರೋಗ್ಯ ಇಲಾಖೆ ತುರ್ತು ಚಿಕಿತ್ಸಾ ಘಟಕ ತೆರೆಯಬೇಕು. ಜಾತ್ರೆಯಲ್ಲಿ ಯಾವುದೇ ಅಹಿತಕರ ಘಟನೆ ನಡೆಯದಂತೆ ಎಚ್ಚರ ವಹಿಸಬೇಕು ಎಂದರು.
ಪಿಎಲ್ ಡಿ ಬ್ಯಾಂಕ್ ಅಧ್ಯಕ್ಷ ಭೀಮಣ್ಣ ಸಾಲಿ ಮಾತನಾಡಿ, ಜಾತ್ರೆಯ ಯಶಸ್ಸಿಗೆ ಎಲ್ಲರೂ ಸಹಕರಿಸಬೇಕು. ದೇವಸ್ಥಾನದ ಆವರಣದಲ್ಲಿ ಬ್ಯಾರಿಕೇಡ್ ವ್ಯವಸ್ಥೆ ಮಾಡಬೇಕು ಎಂದರು. ಸಭೆಯಲ್ಲಿ ತಾಲೂಕು ಪಂಚಾಯಿತಿ ಇಒ, ಪುರಸಭೆ ಮುಖ್ಯಾಧಿಕಾರಿ, ಪೊಲೀಸ್ ಇಲಾಖೆ ಅಧಿಕಾರಿಗಳು ಹಾಗೂ ವಿವಿಧ ಇಲಾಖೆ ಅಧಿಕಾರಿಗಳು ಉಪಸ್ಥಿತರಿದ್ದರು.
ಪೂಜ್ಯ ಶ್ರೀ ಅಮರ ಅಂಬರೀಷ ಮಹಾರಾಜರು, ಗ್ರಾಮದ ಮುಖಂಡರು, ಭಕ್ತರು, ಜಾತ್ರಾ ಸಮಿತಿ ಪದಾಧಿಕಾರಿಗಳು ಭಾಗವಹಿಸಿದ್ದರು. ದೇವಸ್ಥಾನ ಸಮಿತಿ ಅಧ್ಯಕ್ಷ ನಾಗಪ್ಪ, ಕಲ್ಯಾಣಪ್ಪ, ಶಿವರಾಜ, ಮಲ್ಲಿಕಾರ್ಜುನ, ಸಂತೋಷ ಸೇರಿದಂತೆ ಅನೇಕರು ಇದ್ದರು. ಸ್ವಾಗತವನ್ನು ಶರಣು ಮಾಡಿದರು, ರಾಜು ವಂದಿಸಿದರು.
